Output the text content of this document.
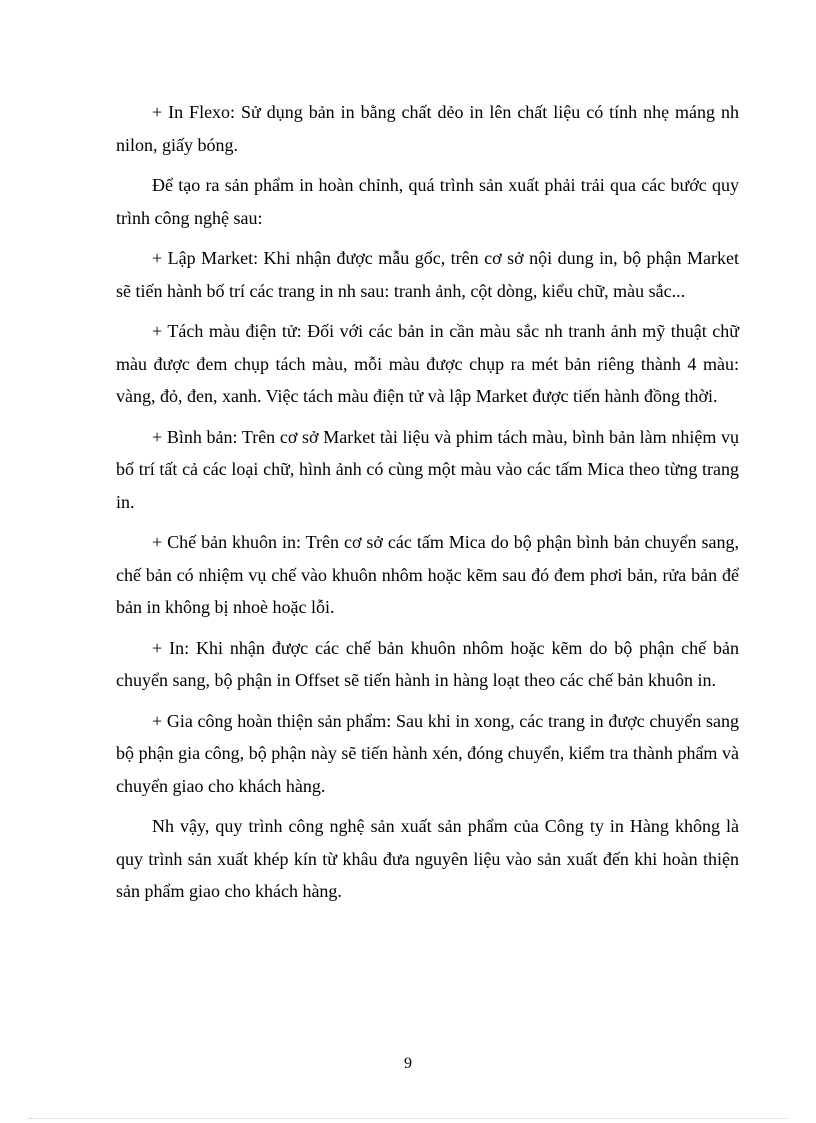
+ In Flexo: Sử dụng bản in bằng chất dẻo in lên chất liệu có tính nhẹ máng nh nilon, giấy bóng.

Để tạo ra sản phẩm in hoàn chỉnh, quá trình sản xuất phải trải qua các bước quy trình công nghệ sau:

+ Lập Market: Khi nhận được mẫu gốc, trên cơ sở nội dung in, bộ phận Market sẽ tiến hành bố trí các trang in nh sau: tranh ảnh, cột dòng, kiểu chữ, màu sắc...

+ Tách màu điện tử: Đối với các bản in cần màu sắc nh tranh ảnh mỹ thuật chữ màu được đem chụp tách màu, mỗi màu được chụp ra mét bản riêng thành 4 màu: vàng, đỏ, đen, xanh. Việc tách màu điện tử và lập Market được tiến hành đồng thời.

+ Bình bản: Trên cơ sở Market tài liệu và phim tách màu, bình bản làm nhiệm vụ bố trí tất cả các loại chữ, hình ảnh có cùng một màu vào các tấm Mica theo từng trang in.

+ Chế bản khuôn in: Trên cơ sở các tấm Mica do bộ phận bình bản chuyển sang, chế bản có nhiệm vụ chế vào khuôn nhôm hoặc kẽm sau đó đem phơi bản, rửa bản để bản in không bị nhoè hoặc lỗi.

+ In: Khi nhận được các chế bản khuôn nhôm hoặc kẽm do bộ phận chế bản chuyển sang, bộ phận in Offset sẽ tiến hành in hàng loạt theo các chế bản khuôn in.

+ Gia công hoàn thiện sản phẩm: Sau khi in xong, các trang in được chuyển sang bộ phận gia công, bộ phận này sẽ tiến hành xén, đóng chuyển, kiểm tra thành phẩm và chuyển giao cho khách hàng.

Nh vậy, quy trình công nghệ sản xuất sản phẩm của Công ty in Hàng không là quy trình sản xuất khép kín từ khâu đưa nguyên liệu vào sản xuất đến khi hoàn thiện sản phẩm giao cho khách hàng.

9
